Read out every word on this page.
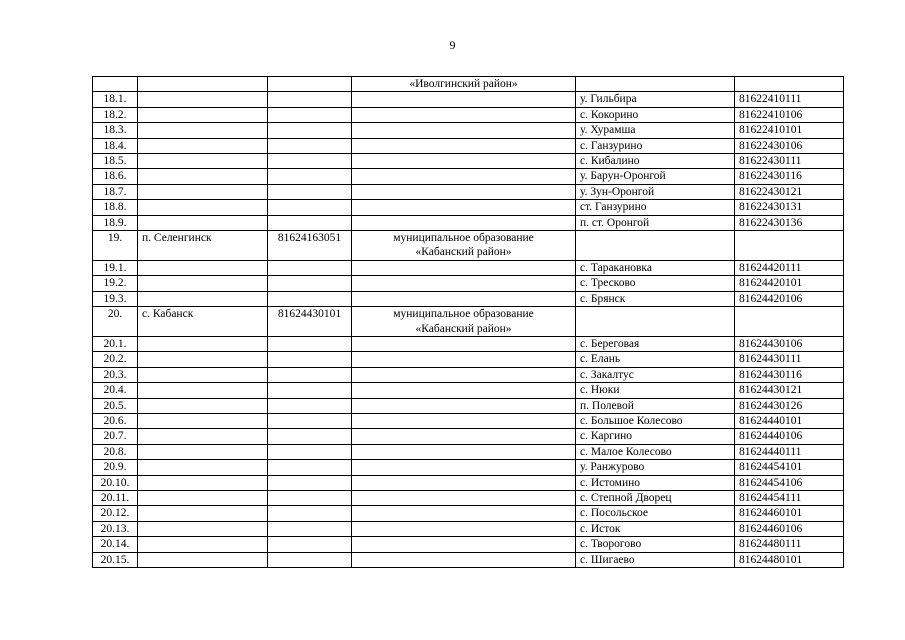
9
			«Иволгинский район»		
18.1.				у. Гильбира	81622410111
18.2.				с. Кокорино	81622410106
18.3.				у. Хурамша	81622410101
18.4.				с. Ганзурино	81622430106
18.5.				с. Кибалино	81622430111
18.6.				у. Барун-Оронгой	81622430116
18.7.				у. Зун-Оронгой	81622430121
18.8.				ст. Ганзурино	81622430131
18.9.				п. ст. Оронгой	81622430136
19.	п. Селенгинск	81624163051	муниципальное образование
«Кабанский район»		

19.1.				с. Таракановка	81624420111
19.2.				с. Тресково	81624420101
19.3.				с. Брянск	81624420106
20.	с. Кабанск	81624430101	муниципальное образование
«Кабанский район»		

20.1.				с. Береговая	81624430106
20.2.				с. Елань	81624430111
20.3.				с. Закалтус	81624430116
20.4.				с. Нюки	81624430121
20.5.				п. Полевой	81624430126
20.6.				с. Большое Колесово	81624440101
20.7.				с. Каргино	81624440106
20.8.				с. Малое Колесово	81624440111
20.9.				у. Ранжурово	81624454101
20.10.				с. Истомино	81624454106
20.11.				с. Степной Дворец	81624454111
20.12.				с. Посольское	81624460101
20.13.				с. Исток	81624460106
20.14.				с. Творогово	81624480111
20.15.				с. Шигаево	81624480101
